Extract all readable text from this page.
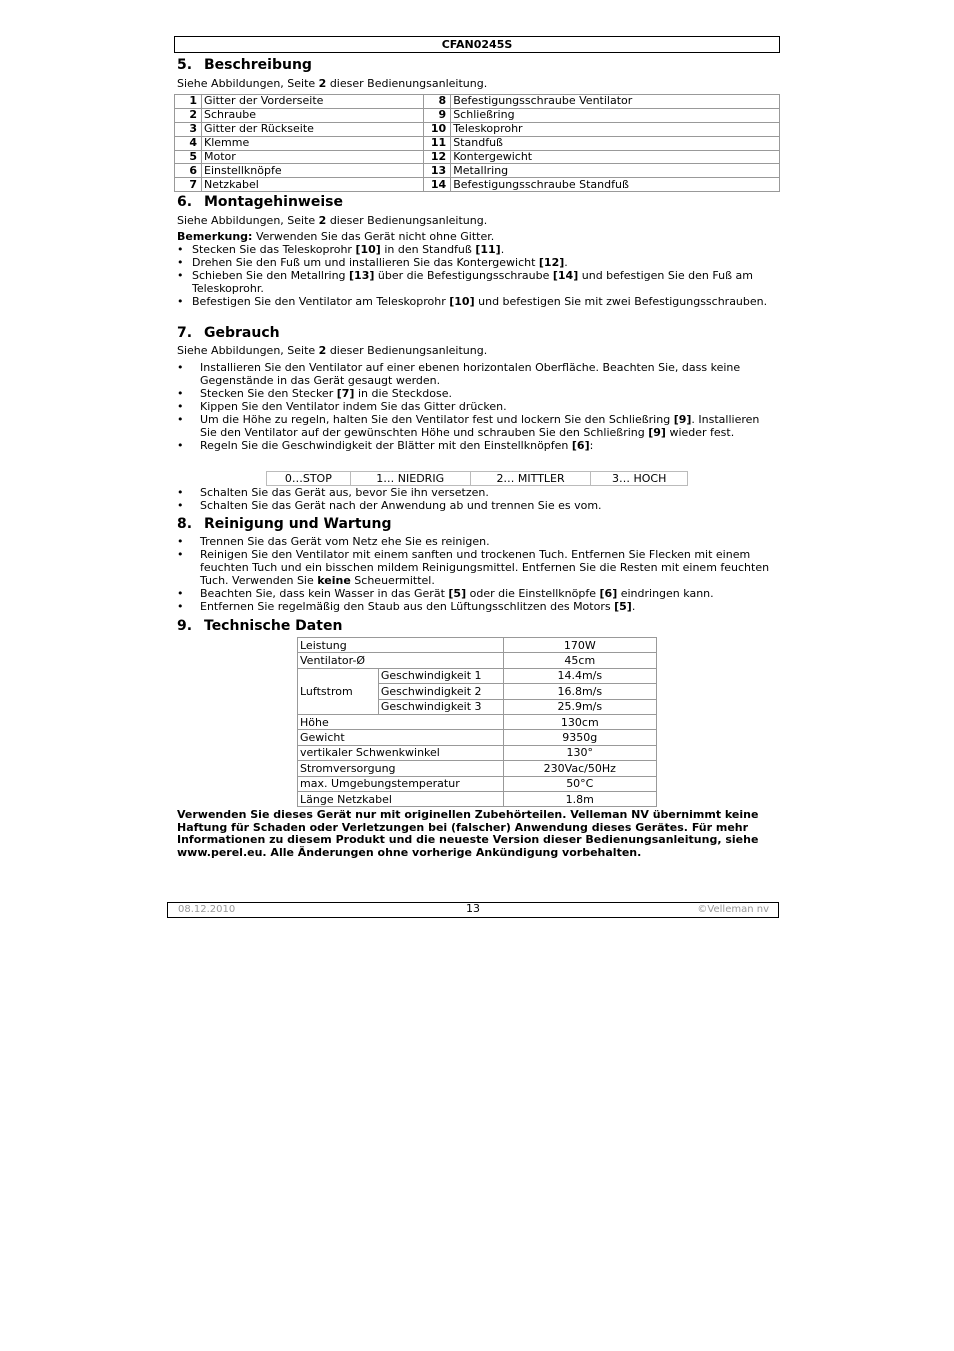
CFAN0245S
5. Beschreibung

Siehe Abbildungen, Seite 2 dieser Bedienungsanleitung.

1	Gitter der Vorderseite	8	Befestigungsschraube Ventilator
2	Schraube	9	Schließring
3	Gitter der Rückseite	10	Teleskoprohr
4	Klemme	11	Standfuß
5	Motor	12	Kontergewicht
6	Einstellknöpfe	13	Metallring
7	Netzkabel	14	Befestigungsschraube Standfuß
6. Montagehinweise

Siehe Abbildungen, Seite 2 dieser Bedienungsanleitung.

Bemerkung: Verwenden Sie das Gerät nicht ohne Gitter.

• Stecken Sie das Teleskoprohr [10] in den Standfuß [11].
• Drehen Sie den Fuß um und installieren Sie das Kontergewicht [12].
• Schieben Sie den Metallring [13] über die Befestigungsschraube [14] und befestigen Sie den Fuß am Teleskoprohr.
• Befestigen Sie den Ventilator am Teleskoprohr [10] und befestigen Sie mit zwei Befestigungsschrauben.
7. Gebrauch

Siehe Abbildungen, Seite 2 dieser Bedienungsanleitung.

• Installieren Sie den Ventilator auf einer ebenen horizontalen Oberfläche. Beachten Sie, dass keine Gegenstände in das Gerät gesaugt werden.
• Stecken Sie den Stecker [7] in die Steckdose.
• Kippen Sie den Ventilator indem Sie das Gitter drücken.
• Um die Höhe zu regeln, halten Sie den Ventilator fest und lockern Sie den Schließring [9]. Installieren Sie den Ventilator auf der gewünschten Höhe und schrauben Sie den Schließring [9] wieder fest.
• Regeln Sie die Geschwindigkeit der Blätter mit den Einstellknöpfen [6]:
0…STOP	1… NIEDRIG	2… MITTLER	3… HOCH
• Schalten Sie das Gerät aus, bevor Sie ihn versetzen.
• Schalten Sie das Gerät nach der Anwendung ab und trennen Sie es vom.
8. Reinigung und Wartung
• Trennen Sie das Gerät vom Netz ehe Sie es reinigen.
• Reinigen Sie den Ventilator mit einem sanften und trockenen Tuch. Entfernen Sie Flecken mit einem feuchten Tuch und ein bisschen mildem Reinigungsmittel. Entfernen Sie die Resten mit einem feuchten Tuch. Verwenden Sie keine Scheuermittel.
• Beachten Sie, dass kein Wasser in das Gerät [5] oder die Einstellknöpfe [6] eindringen kann.
• Entfernen Sie regelmäßig den Staub aus den Lüftungsschlitzen des Motors [5].
9. Technische Daten
Leistung		170W
Ventilator-Ø		45cm
Luftstrom	Geschwindigkeit 1	14.4m/s
	Geschwindigkeit 2	16.8m/s
	Geschwindigkeit 3	25.9m/s
Höhe		130cm
Gewicht		9350g
vertikaler Schwenkwinkel		130°
Stromversorgung		230Vac/50Hz
max. Umgebungstemperatur		50°C
Länge Netzkabel		1.8m
Verwenden Sie dieses Gerät nur mit originellen Zubehörteilen. Velleman NV übernimmt keine Haftung für Schaden oder Verletzungen bei (falscher) Anwendung dieses Gerätes. Für mehr Informationen zu diesem Produkt und die neueste Version dieser Bedienungsanleitung, siehe www.perel.eu. Alle Änderungen ohne vorherige Ankündigung vorbehalten.
08.12.2010	13	©Velleman nv
